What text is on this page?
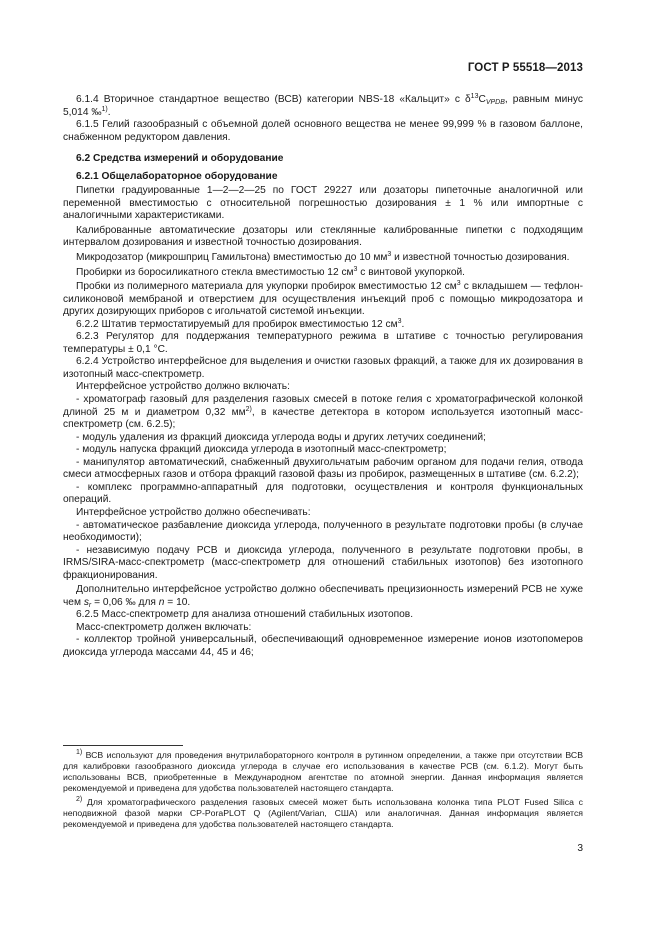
ГОСТ Р 55518—2013

6.1.4 Вторичное стандартное вещество (ВСВ) категории NBS-18 «Кальцит» с $\delta^{13}C_{VPDB}$, равным минус 5,014 ‰$^{1)}$.

6.1.5 Гелий газообразный с объемной долей основного вещества не менее 99,999 % в газовом баллоне, снабженном редуктором давления.

6.2 Средства измерений и оборудование
6.2.1 Общелабораторное оборудование

Пипетки градуированные 1—2—2—25 по ГОСТ 29227 или дозаторы пипеточные аналогичной или переменной вместимостью с относительной погрешностью дозирования ± 1 % или импортные с аналогичными характеристиками.

Калиброванные автоматические дозаторы или стеклянные калиброванные пипетки с подходящим интервалом дозирования и известной точностью дозирования.

Микродозатор (микрошприц Гамильтона) вместимостью до 10 $мм^3$ и известной точностью дозирования.

Пробирки из боросиликатного стекла вместимостью 12 $см^3$ с винтовой укупоркой.

Пробки из полимерного материала для укупорки пробирок вместимостью 12 $см^3$ с вкладышем — тефлон-силиконовой мембраной и отверстием для осуществления инъекций проб с помощью микродозатора и других дозирующих приборов с игольчатой системой инъекции.

6.2.2 Штатив термостатируемый для пробирок вместимостью 12 $см^3$.

6.2.3 Регулятор для поддержания температурного режима в штативе с точностью регулирования температуры ± 0,1 °С.

6.2.4 Устройство интерфейсное для выделения и очистки газовых фракций, а также для их дозирования в изотопный масс-спектрометр.

Интерфейсное устройство должно включать:

- хроматограф газовый для разделения газовых смесей в потоке гелия с хроматографической колонкой длиной 25 м и диаметром 0,32 $мм^{2)}$, в качестве детектора в котором используется изотопный масс-спектрометр (см. 6.2.5);

- модуль удаления из фракций диоксида углерода воды и других летучих соединений;

- модуль напуска фракций диоксида углерода в изотопный масс-спектрометр;

- манипулятор автоматический, снабженный двухигольчатым рабочим органом для подачи гелия, отвода смеси атмосферных газов и отбора фракций газовой фазы из пробирок, размещенных в штативе (см. 6.2.2);

- комплекс программно-аппаратный для подготовки, осуществления и контроля функциональных операций.

Интерфейсное устройство должно обеспечивать:

- автоматическое разбавление диоксида углерода, полученного в результате подготовки пробы (в случае необходимости);

- независимую подачу РСВ и диоксида углерода, полученного в результате подготовки пробы, в IRMS/SIRA-масс-спектрометр (масс-спектрометр для отношений стабильных изотопов) без изотопного фракционирования.

Дополнительно интерфейсное устройство должно обеспечивать прецизионность измерений РСВ не хуже чем $s_r = 0,06$ ‰ для n = 10.

6.2.5 Масс-спектрометр для анализа отношений стабильных изотопов.

Масс-спектрометр должен включать:

- коллектор тройной универсальный, обеспечивающий одновременное измерение ионов изотопомеров диоксида углерода массами 44, 45 и 46;

$^{1)}$ ВСВ используют для проведения внутрилабораторного контроля в рутинном определении, а также при отсутствии ВСВ для калибровки газообразного диоксида углерода в случае его использования в качестве РСВ (см. 6.1.2). Могут быть использованы ВСВ, приобретенные в Международном агентстве по атомной энергии. Данная информация является рекомендуемой и приведена для удобства пользователей настоящего стандарта.

$^{2)}$ Для хроматографического разделения газовых смесей может быть использована колонка типа PLOT Fused Silica с неподвижной фазой марки CP-PoraPLOT Q (Agilent/Varian, США) или аналогичная. Данная информация является рекомендуемой и приведена для удобства пользователей настоящего стандарта.

3
